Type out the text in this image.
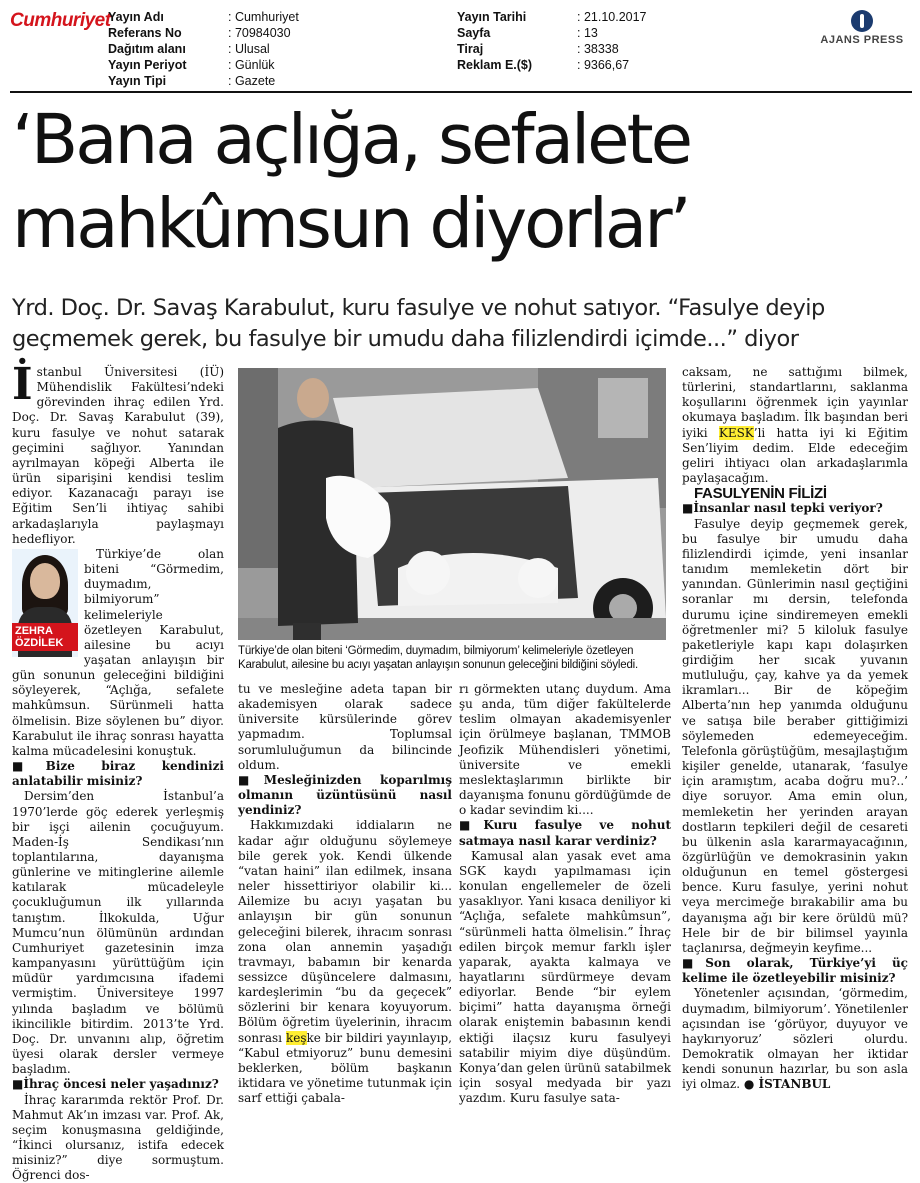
Cumhuriyet
Yayın Adı	: Cumhuriyet
Referans No	: 70984030
Dağıtım alanı	: Ulusal
Yayın Periyot	: Günlük
Yayın Tipi	: Gazete
Yayın Tarihi	: 21.10.2017
Sayfa	: 13
Tiraj	: 38338
Reklam E.($)	: 9366,67
AJANS PRESS
‘Bana açlığa, sefalete
mahkûmsun diyorlar’
Yrd. Doç. Dr. Savaş Karabulut, kuru fasulye ve nohut satıyor. “Fasulye deyip
geçmemek gerek, bu fasulye bir umudu daha filizlendirdi içimde...” diyor

İstanbul Üniversitesi (İÜ) Mühendislik Fakültesi’ndeki görevinden ihraç edilen Yrd. Doç. Dr. Savaş Karabulut (39), kuru fasulye ve nohut satarak geçimini sağlıyor. Yanından ayrılmayan köpeği Alberta ile ürün siparişini kendisi teslim ediyor. Kazanacağı parayı ise Eğitim Sen’li ihtiyaç sahibi arkadaşlarıyla paylaşmayı hedefliyor.

ZEHRA ÖZDİLEK

Türkiye’de olan biteni “Görmedim, duymadım, bilmiyorum” kelimeleriyle özetleyen Karabulut, ailesine bu acıyı yaşatan anlayışın bir gün sonunun geleceğini bildiğini söyleyerek, “Açlığa, sefalete mahkûmsun. Sürünmeli hatta ölmelisin. Bize söylenen bu” diyor. Karabulut ile ihraç sonrası hayatta kalma mücadelesini konuştuk.

■ Bize biraz kendinizi anlatabilir misiniz?

Dersim’den İstanbul’a 1970’lerde göç ederek yerleşmiş bir işçi ailenin çocuğuyum. Maden-İş Sendikası’nın toplantılarına, dayanışma günlerine ve mitinglerine ailemle katılarak mücadeleyle çocukluğumun ilk yıllarında tanıştım. İlkokulda, Uğur Mumcu’nun ölümünün ardından Cumhuriyet gazetesinin imza kampanyasını yürüttüğüm için müdür yardımcısına ifademi vermiştim. Üniversiteye 1997 yılında başladım ve bölümü ikincilikle bitirdim. 2013’te Yrd. Doç. Dr. unvanını alıp, öğretim üyesi olarak dersler vermeye başladım.

■ İhraç öncesi neler yaşadınız?

İhraç kararımda rektör Prof. Dr. Mahmut Ak’ın imzası var. Prof. Ak, seçim konuşmasına geldiğinde, “İkinci olursanız, istifa edecek misiniz?” diye sormuştum. Öğrenci dos-

Türkiye’de olan biteni ‘Görmedim, duymadım, bilmiyorum’ kelimeleriyle özetleyen Karabulut, ailesine bu acıyı yaşatan anlayışın sonunun geleceğini bildiğini söyledi.

tu ve mesleğine adeta tapan bir akademisyen olarak sadece üniversite kürsülerinde görev yapmadım. Toplumsal sorumluluğumun da bilincinde oldum.

■ Mesleğinizden koparılmış olmanın üzüntüsünü nasıl yendiniz?

Hakkımızdaki iddiaların ne kadar ağır olduğunu söylemeye bile gerek yok. Kendi ülkende “vatan haini” ilan edilmek, insana neler hissettiriyor olabilir ki... Ailemize bu acıyı yaşatan bu anlayışın bir gün sonunun geleceğini bilerek, ihracım sonrası zona olan annemin yaşadığı travmayı, babamın bir kenarda sessizce düşüncelere dalmasını, kardeşlerimin “bu da geçecek” sözlerini bir kenara koyuyorum. Bölüm öğretim üyelerinin, ihracım sonrası keşke bir bildiri yayınlayıp, “Kabul etmiyoruz” bunu demesini beklerken, bölüm başkanın iktidara ve yönetime tutunmak için sarf ettiği çabala-

rı görmekten utanç duydum. Ama şu anda, tüm diğer fakültelerde teslim olmayan akademisyenler için örülmeye başlanan, TMMOB Jeofizik Mühendisleri yönetimi, üniversite ve emekli meslektaşlarımın birlikte bir dayanışma fonunu gördüğümde de o kadar sevindim ki....

■ Kuru fasulye ve nohut satmaya nasıl karar verdiniz?

Kamusal alan yasak evet ama SGK kaydı yapılmaması için konulan engellemeler de özeli yasaklıyor. Yani kısaca deniliyor ki “Açlığa, sefalete mahkûmsun”, “sürünmeli hatta ölmelisin.” İhraç edilen birçok memur farklı işler yaparak, ayakta kalmaya ve hayatlarını sürdürmeye devam ediyorlar. Bende “bir eylem biçimi” hatta dayanışma örneği olarak eniştemin babasının kendi ektiği ilaçsız kuru fasulyeyi satabilir miyim diye düşündüm. Konya’dan gelen ürünü satabilmek için sosyal medyada bir yazı yazdım. Kuru fasulye sata-

caksam, ne sattığımı bilmek, türlerini, standartlarını, saklanma koşullarını öğrenmek için yayınlar okumaya başladım. İlk başından beri iyiki KESK’li hatta iyi ki Eğitim Sen’liyim dedim. Elde edeceğim geliri ihtiyacı olan arkadaşlarımla paylaşacağım.

FASULYENİN FİLİZİ

■ İnsanlar nasıl tepki veriyor?

Fasulye deyip geçmemek gerek, bu fasulye bir umudu daha filizlendirdi içimde, yeni insanlar tanıdım memleketin dört bir yanından. Günlerimin nasıl geçtiğini soranlar mı dersin, telefonda durumu içine sindiremeyen emekli öğretmenler mi? 5 kiloluk fasulye paketleriyle kapı kapı dolaşırken girdiğim her sıcak yuvanın mutluluğu, çay, kahve ya da yemek ikramları... Bir de köpeğim Alberta’nın hep yanımda olduğunu ve satışa bile beraber gittiğimizi söylemeden edemeyeceğim. Telefonla görüştüğüm, mesajlaştığım kişiler genelde, utanarak, ‘fasulye için aramıştım, acaba doğru mu?..’ diye soruyor. Ama emin olun, memleketin her yerinden arayan dostların tepkileri değil de cesareti bu ülkenin asla kararmayacağının, özgürlüğün ve demokrasinin yakın olduğunun en temel göstergesi bence. Kuru fasulye, yerini nohut veya mercimeğe bırakabilir ama bu dayanışma ağı bir kere örüldü mü? Hele bir de bir bilimsel yayınla taçlanırsa, değmeyin keyfime...

■ Son olarak, Türkiye’yi üç kelime ile özetleyebilir misiniz?

Yönetenler açısından, ‘görmedim, duymadım, bilmiyorum’. Yönetilenler açısından ise ‘görüyor, duyuyor ve haykırıyoruz’ sözleri olurdu. Demokratik olmayan her iktidar kendi sonunun hazırlar, bu son asla iyi olmaz. ● İSTANBUL
